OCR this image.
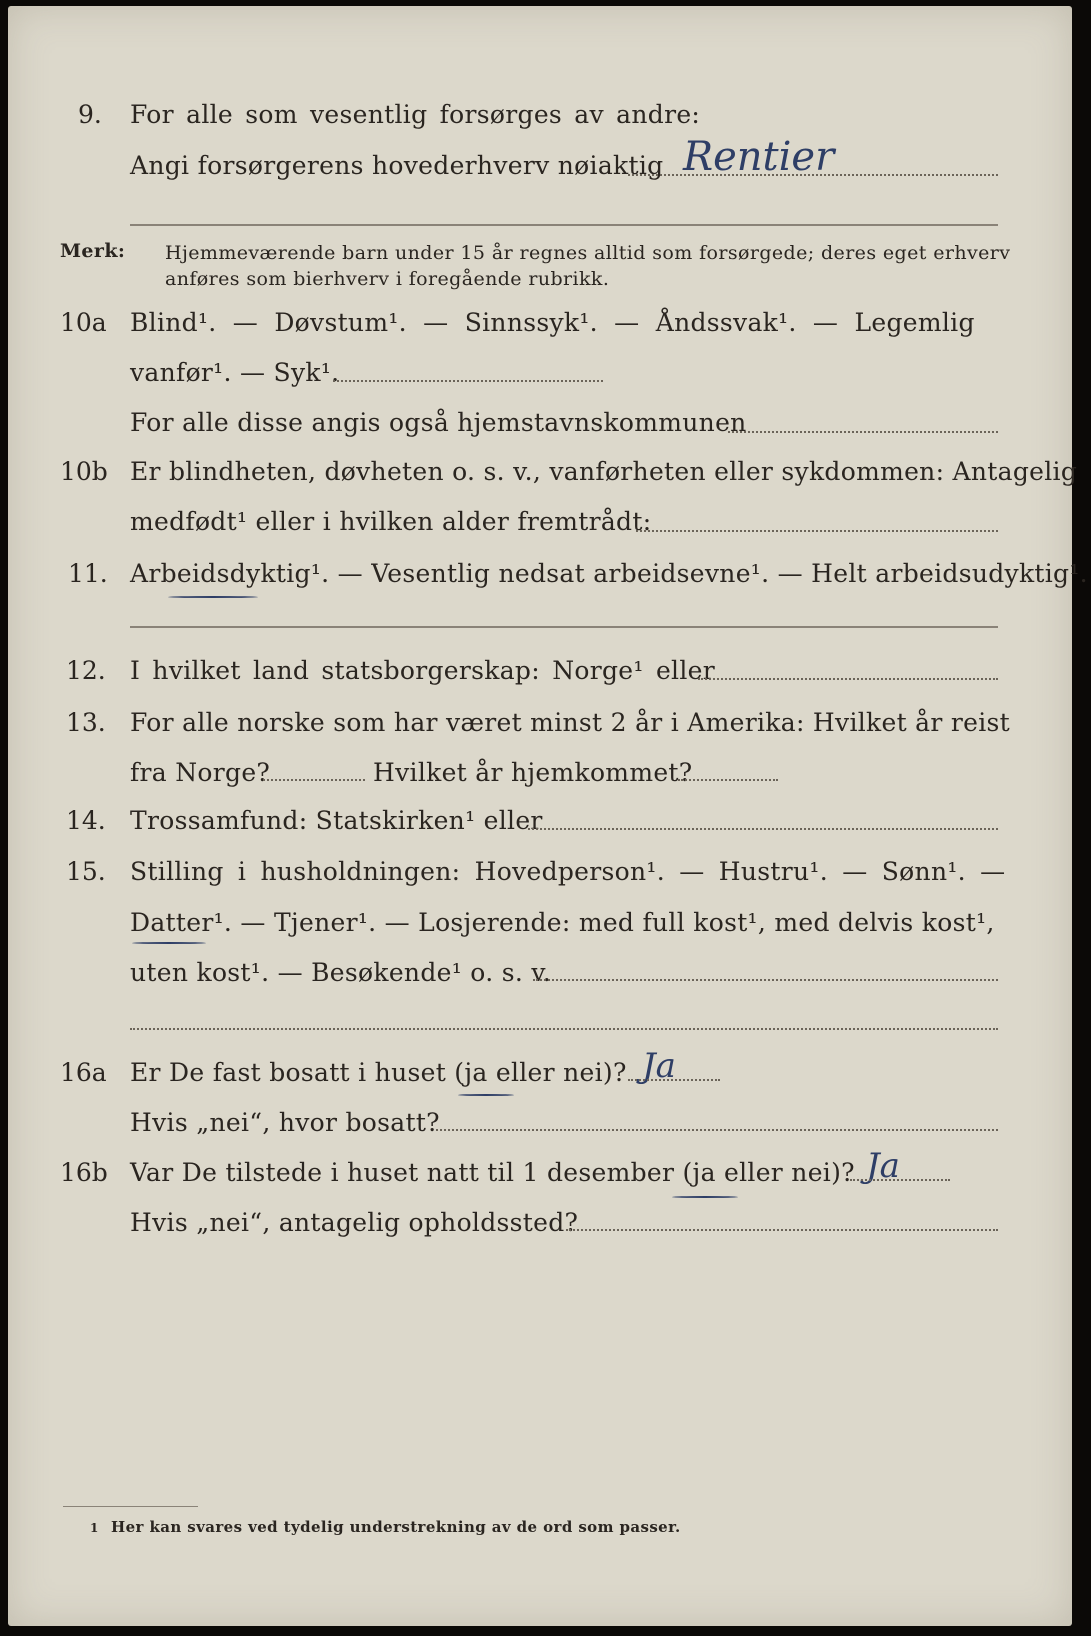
9. For alle som vesentlig forsørges av andre:
Angi forsørgerens hovederhverv nøiaktig Rentier
Merk: Hjemmeværende barn under 15 år regnes alltid som forsørgede; deres eget erhverv
anføres som bierhverv i foregående rubrikk.
10a Blind¹. — Døvstum¹. — Sinnssyk¹. — Åndssvak¹. — Legemlig
vanfør¹. — Syk¹.
For alle disse angis også hjemstavnskommunen
10b Er blindheten, døvheten o. s. v., vanførheten eller sykdommen: Antagelig
medfødt¹ eller i hvilken alder fremtrådt:
11. Arbeidsdyktig¹. — Vesentlig nedsat arbeidsevne¹. — Helt arbeidsudyktig¹.
12. I hvilket land statsborgerskap: Norge¹ eller
13. For alle norske som har været minst 2 år i Amerika: Hvilket år reist
fra Norge?	Hvilket år hjemkommet?
14. Trossamfund: Statskirken¹ eller
15. Stilling i husholdningen: Hovedperson¹. — Hustru¹. — Sønn¹. —
Datter¹. — Tjener¹. — Losjerende: med full kost¹, med delvis kost¹,
uten kost¹. — Besøkende¹ o. s. v.
16a Er De fast bosatt i huset (ja eller nei)? Ja
Hvis „nei“, hvor bosatt?
16b Var De tilstede i huset natt til 1 desember (ja eller nei)? Ja
Hvis „nei“, antagelig opholdssted?
1 Her kan svares ved tydelig understrekning av de ord som passer.
